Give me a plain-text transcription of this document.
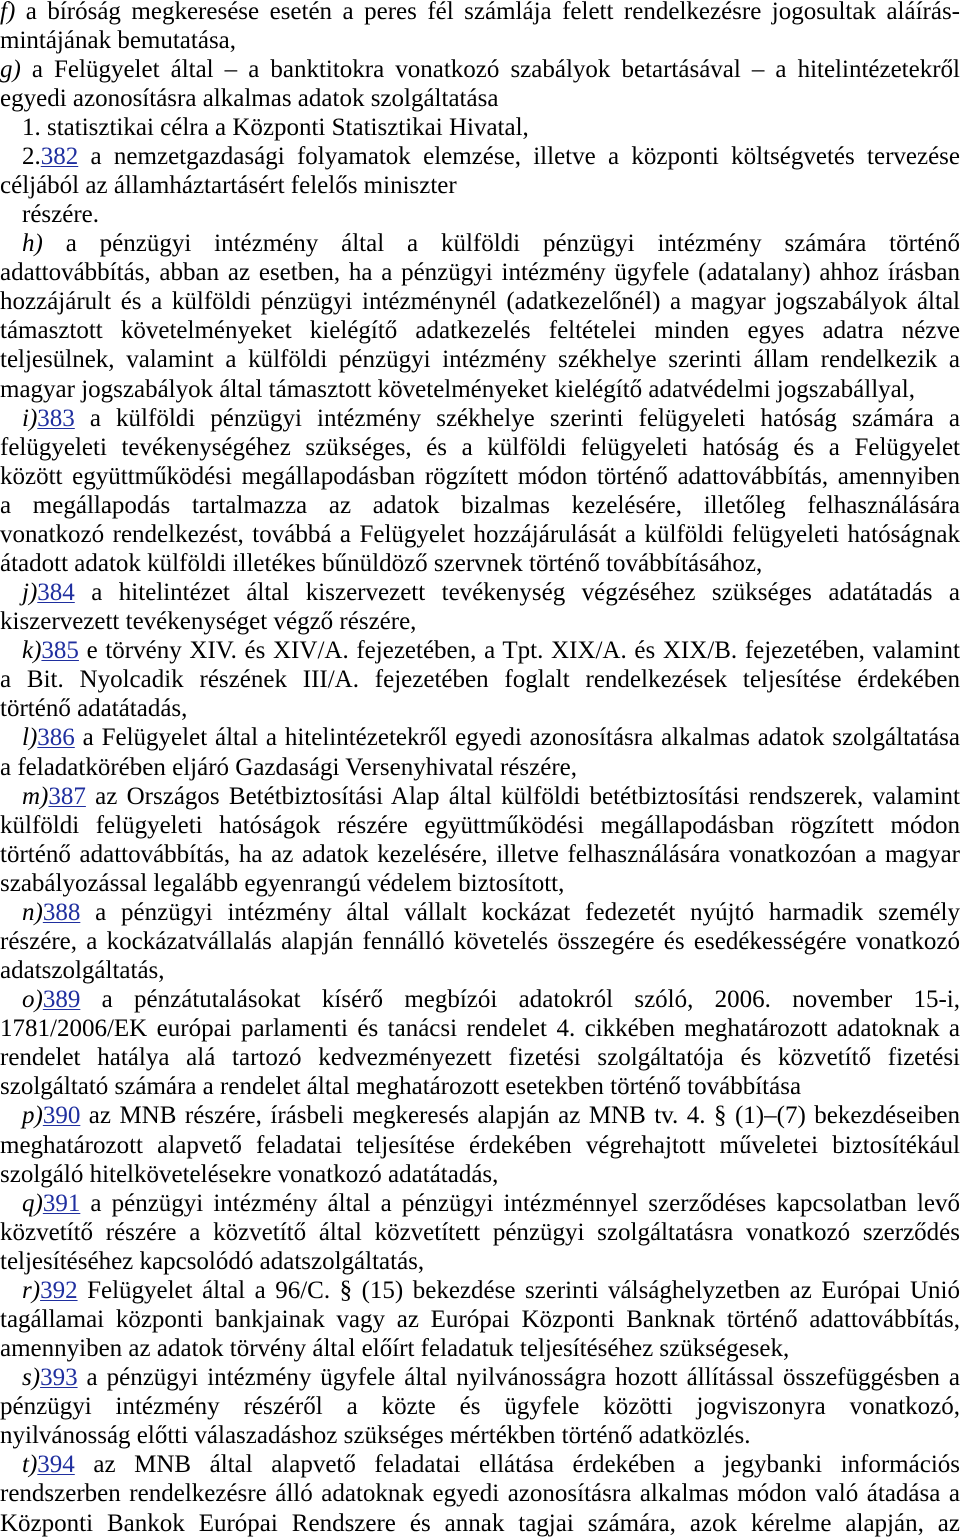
f) a bíróság megkeresése esetén a peres fél számlája felett rendelkezésre jogosultak aláírás-
mintájának bemutatása,
g) a Felügyelet által – a banktitokra vonatkozó szabályok betartásával – a hitelintézetekről
egyedi azonosításra alkalmas adatok szolgáltatása
1. statisztikai célra a Központi Statisztikai Hivatal,
2.382 a nemzetgazdasági folyamatok elemzése, illetve a központi költségvetés tervezése
céljából az államháztartásért felelős miniszter
részére.
h) a pénzügyi intézmény által a külföldi pénzügyi intézmény számára történő
adattovábbítás, abban az esetben, ha a pénzügyi intézmény ügyfele (adatalany) ahhoz írásban
hozzájárult és a külföldi pénzügyi intézménynél (adatkezelőnél) a magyar jogszabályok által
támasztott követelményeket kielégítő adatkezelés feltételei minden egyes adatra nézve
teljesülnek, valamint a külföldi pénzügyi intézmény székhelye szerinti állam rendelkezik a
magyar jogszabályok által támasztott követelményeket kielégítő adatvédelmi jogszabállyal,
i)383 a külföldi pénzügyi intézmény székhelye szerinti felügyeleti hatóság számára a
felügyeleti tevékenységéhez szükséges, és a külföldi felügyeleti hatóság és a Felügyelet
között együttműködési megállapodásban rögzített módon történő adattovábbítás, amennyiben
a megállapodás tartalmazza az adatok bizalmas kezelésére, illetőleg felhasználására
vonatkozó rendelkezést, továbbá a Felügyelet hozzájárulását a külföldi felügyeleti hatóságnak
átadott adatok külföldi illetékes bűnüldöző szervnek történő továbbításához,
j)384 a hitelintézet által kiszervezett tevékenység végzéséhez szükséges adatátadás a
kiszervezett tevékenységet végző részére,
k)385 e törvény XIV. és XIV/A. fejezetében, a Tpt. XIX/A. és XIX/B. fejezetében, valamint
a Bit. Nyolcadik részének III/A. fejezetében foglalt rendelkezések teljesítése érdekében
történő adatátadás,
l)386 a Felügyelet által a hitelintézetekről egyedi azonosításra alkalmas adatok szolgáltatása
a feladatkörében eljáró Gazdasági Versenyhivatal részére,
m)387 az Országos Betétbiztosítási Alap által külföldi betétbiztosítási rendszerek, valamint
külföldi felügyeleti hatóságok részére együttműködési megállapodásban rögzített módon
történő adattovábbítás, ha az adatok kezelésére, illetve felhasználására vonatkozóan a magyar
szabályozással legalább egyenrangú védelem biztosított,
n)388 a pénzügyi intézmény által vállalt kockázat fedezetét nyújtó harmadik személy
részére, a kockázatvállalás alapján fennálló követelés összegére és esedékességére vonatkozó
adatszolgáltatás,
o)389 a pénzátutalásokat kísérő megbízói adatokról szóló, 2006. november 15-i,
1781/2006/EK európai parlamenti és tanácsi rendelet 4. cikkében meghatározott adatoknak a
rendelet hatálya alá tartozó kedvezményezett fizetési szolgáltatója és közvetítő fizetési
szolgáltató számára a rendelet által meghatározott esetekben történő továbbítása
p)390 az MNB részére, írásbeli megkeresés alapján az MNB tv. 4. § (1)–(7) bekezdéseiben
meghatározott alapvető feladatai teljesítése érdekében végrehajtott műveletei biztosítékául
szolgáló hitelkövetelésekre vonatkozó adatátadás,
q)391 a pénzügyi intézmény által a pénzügyi intézménnyel szerződéses kapcsolatban levő
közvetítő részére a közvetítő által közvetített pénzügyi szolgáltatásra vonatkozó szerződés
teljesítéséhez kapcsolódó adatszolgáltatás,
r)392 Felügyelet által a 96/C. § (15) bekezdése szerinti válsághelyzetben az Európai Unió
tagállamai központi bankjainak vagy az Európai Központi Banknak történő adattovábbítás,
amennyiben az adatok törvény által előírt feladatuk teljesítéséhez szükségesek,
s)393 a pénzügyi intézmény ügyfele által nyilvánosságra hozott állítással összefüggésben a
pénzügyi intézmény részéről a közte és ügyfele közötti jogviszonyra vonatkozó,
nyilvánosság előtti válaszadáshoz szükséges mértékben történő adatközlés.
t)394 az MNB által alapvető feladatai ellátása érdekében a jegybanki információs
rendszerben rendelkezésre álló adatoknak egyedi azonosításra alkalmas módon való átadása a
Központi Bankok Európai Rendszere és annak tagjai számára, azok kérelme alapján, az
